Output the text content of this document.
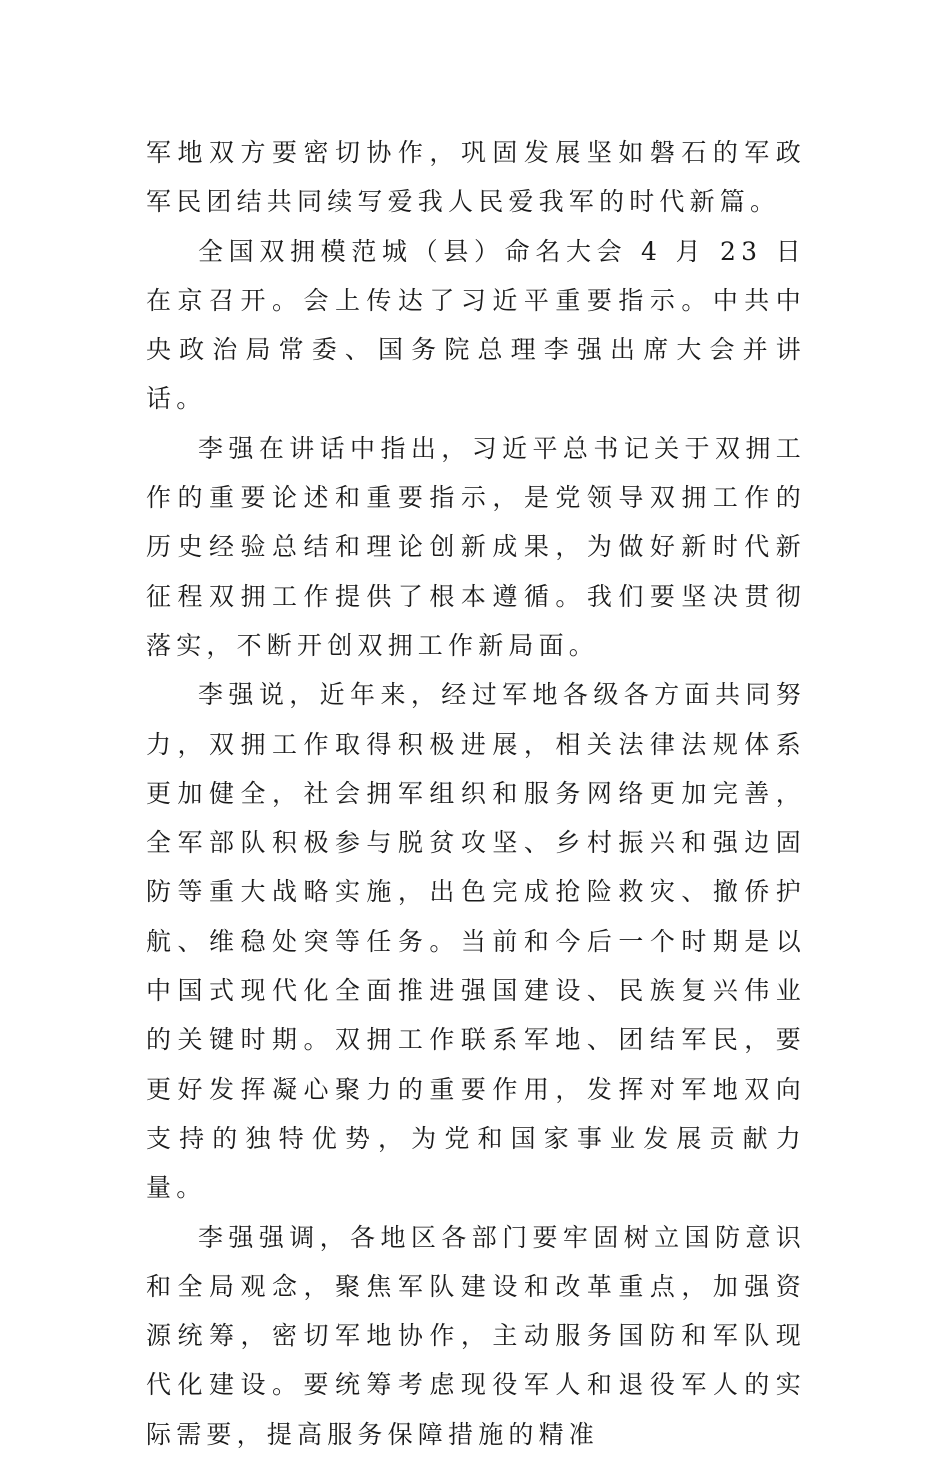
军地双方要密切协作，巩固发展坚如磐石的军政军民团结共同续写爱我人民爱我军的时代新篇。

全国双拥模范城（县）命名大会 4 月 23 日在京召开。会上传达了习近平重要指示。中共中央政治局常委、国务院总理李强出席大会并讲话。

李强在讲话中指出，习近平总书记关于双拥工作的重要论述和重要指示，是党领导双拥工作的历史经验总结和理论创新成果，为做好新时代新征程双拥工作提供了根本遵循。我们要坚决贯彻落实，不断开创双拥工作新局面。

李强说，近年来，经过军地各级各方面共同努力，双拥工作取得积极进展，相关法律法规体系更加健全，社会拥军组织和服务网络更加完善，全军部队积极参与脱贫攻坚、乡村振兴和强边固防等重大战略实施，出色完成抢险救灾、撤侨护航、维稳处突等任务。当前和今后一个时期是以中国式现代化全面推进强国建设、民族复兴伟业的关键时期。双拥工作联系军地、团结军民，要更好发挥凝心聚力的重要作用，发挥对军地双向支持的独特优势，为党和国家事业发展贡献力量。

李强强调，各地区各部门要牢固树立国防意识和全局观念，聚焦军队建设和改革重点，加强资源统筹，密切军地协作，主动服务国防和军队现代化建设。要统筹考虑现役军人和退役军人的实际需要，提高服务保障措施的精准
